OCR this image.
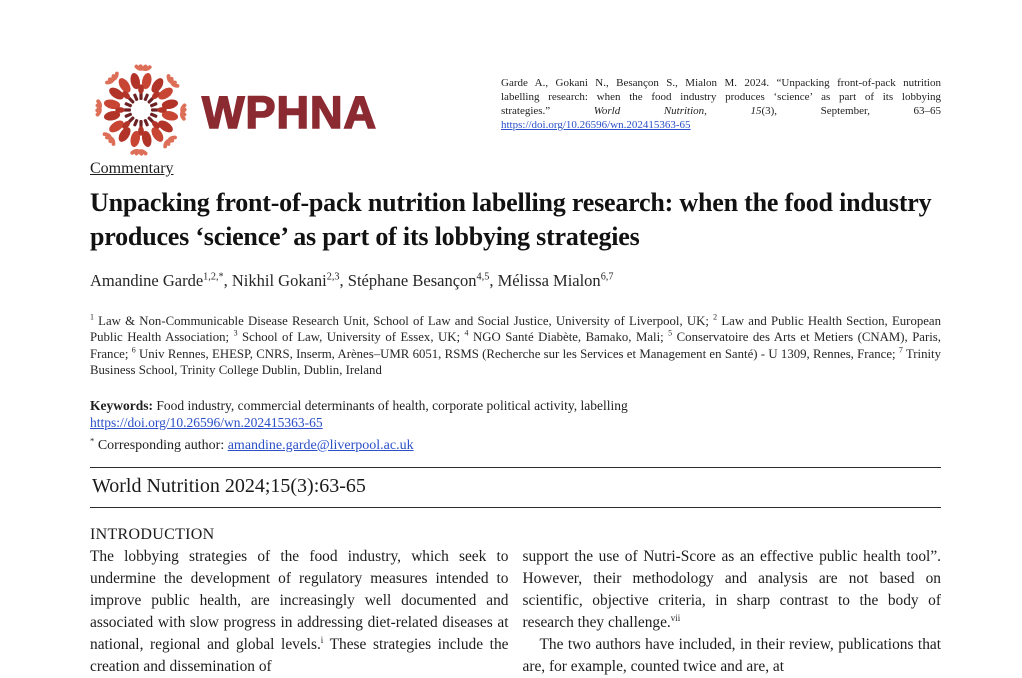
WPHNA
Garde A., Gokani N., Besançon S., Mialon M. 2024. “Unpacking front-of-pack nutrition
labelling research: when the food industry produces ‘science’ as part of its lobbying
strategies.”	World	Nutrition,	15(3),	September,	63–65
https://doi.org/10.26596/wn.202415363-65
Commentary
Unpacking front-of-pack nutrition labelling research: when the food industry produces ‘science’ as part of its lobbying strategies
Amandine Garde$^{1,2,*}$, Nikhil Gokani$^{2,3}$, Stéphane Besançon$^{4,5}$, Mélissa Mialon$^{6,7}$
$^1$ Law & Non-Communicable Disease Research Unit, School of Law and Social Justice, University of Liverpool, UK; $^2$ Law and Public Health Section, European Public Health Association; $^3$ School of Law, University of Essex, UK; $^4$ NGO Santé Diabète, Bamako, Mali; $^5$ Conservatoire des Arts et Metiers (CNAM), Paris, France; $^6$ Univ Rennes, EHESP, CNRS, Inserm, Arènes–UMR 6051, RSMS (Recherche sur les Services et Management en Santé) - U 1309, Rennes, France; $^7$ Trinity Business School, Trinity College Dublin, Dublin, Ireland
Keywords: Food industry, commercial determinants of health, corporate political activity, labelling
https://doi.org/10.26596/wn.202415363-65
* Corresponding author: amandine.garde@liverpool.ac.uk
World Nutrition 2024;15(3):63-65
INTRODUCTION

The lobbying strategies of the food industry, which seek to undermine the development of regulatory measures intended to improve public health, are increasingly well documented and associated with slow progress in addressing diet-related diseases at national, regional and global levels.$^i$ These strategies include the creation and dissemination of

support the use of Nutri-Score as an effective public health tool”. However, their methodology and analysis are not based on scientific, objective criteria, in sharp contrast to the body of research they challenge.$^{vii}$

The two authors have included, in their review, publications that are, for example, counted twice and are, at
